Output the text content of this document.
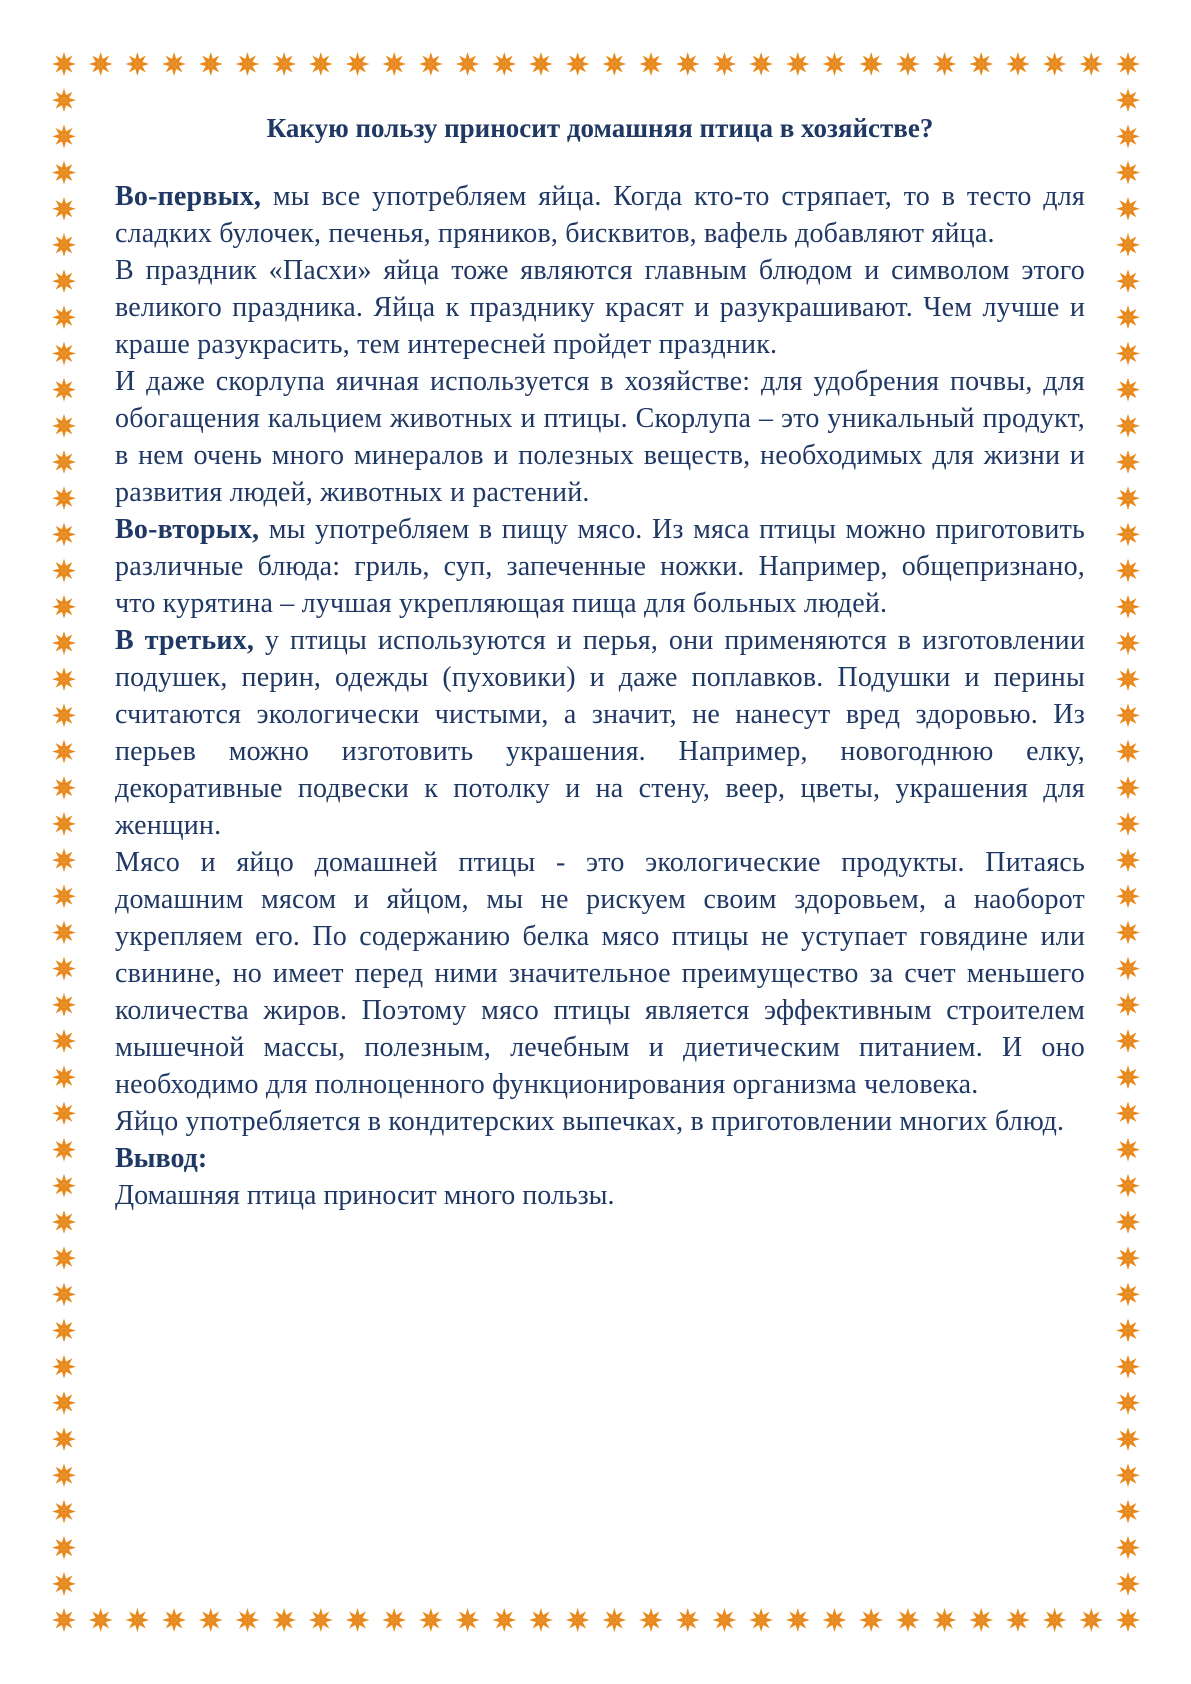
Какую пользу приносит домашняя птица в хозяйстве?

Во-первых, мы все употребляем яйца. Когда кто-то стряпает, то в тесто для сладких булочек, печенья, пряников, бисквитов, вафель добавляют яйца.

В праздник «Пасхи» яйца тоже являются главным блюдом и символом этого великого праздника. Яйца к празднику красят и разукрашивают. Чем лучше и краше разукрасить, тем интересней пройдет праздник.

И даже скорлупа яичная используется в хозяйстве: для удобрения почвы, для обогащения кальцием животных и птицы. Скорлупа – это уникальный продукт, в нем очень много минералов и полезных веществ, необходимых для жизни и развития людей, животных и растений.

Во-вторых, мы употребляем в пищу мясо. Из мяса птицы можно приготовить различные блюда: гриль, суп, запеченные ножки. Например, общепризнано, что курятина – лучшая укрепляющая пища для больных людей.

В третьих, у птицы используются и перья, они применяются в изготовлении подушек, перин, одежды (пуховики) и даже поплавков. Подушки и перины считаются экологически чистыми, а значит, не нанесут вред здоровью. Из перьев можно изготовить украшения. Например, новогоднюю елку, декоративные подвески к потолку и на стену, веер, цветы, украшения для женщин.

Мясо и яйцо домашней птицы - это экологические продукты. Питаясь домашним мясом и яйцом, мы не рискуем своим здоровьем, а наоборот укрепляем его. По содержанию белка мясо птицы не уступает говядине или свинине, но имеет перед ними значительное преимущество за счет меньшего количества жиров. Поэтому мясо птицы является эффективным строителем мышечной массы, полезным, лечебным и диетическим питанием. И оно необходимо для полноценного функционирования организма человека.

Яйцо употребляется в кондитерских выпечках, в приготовлении многих блюд.

Вывод:

Домашняя птица приносит много пользы.
